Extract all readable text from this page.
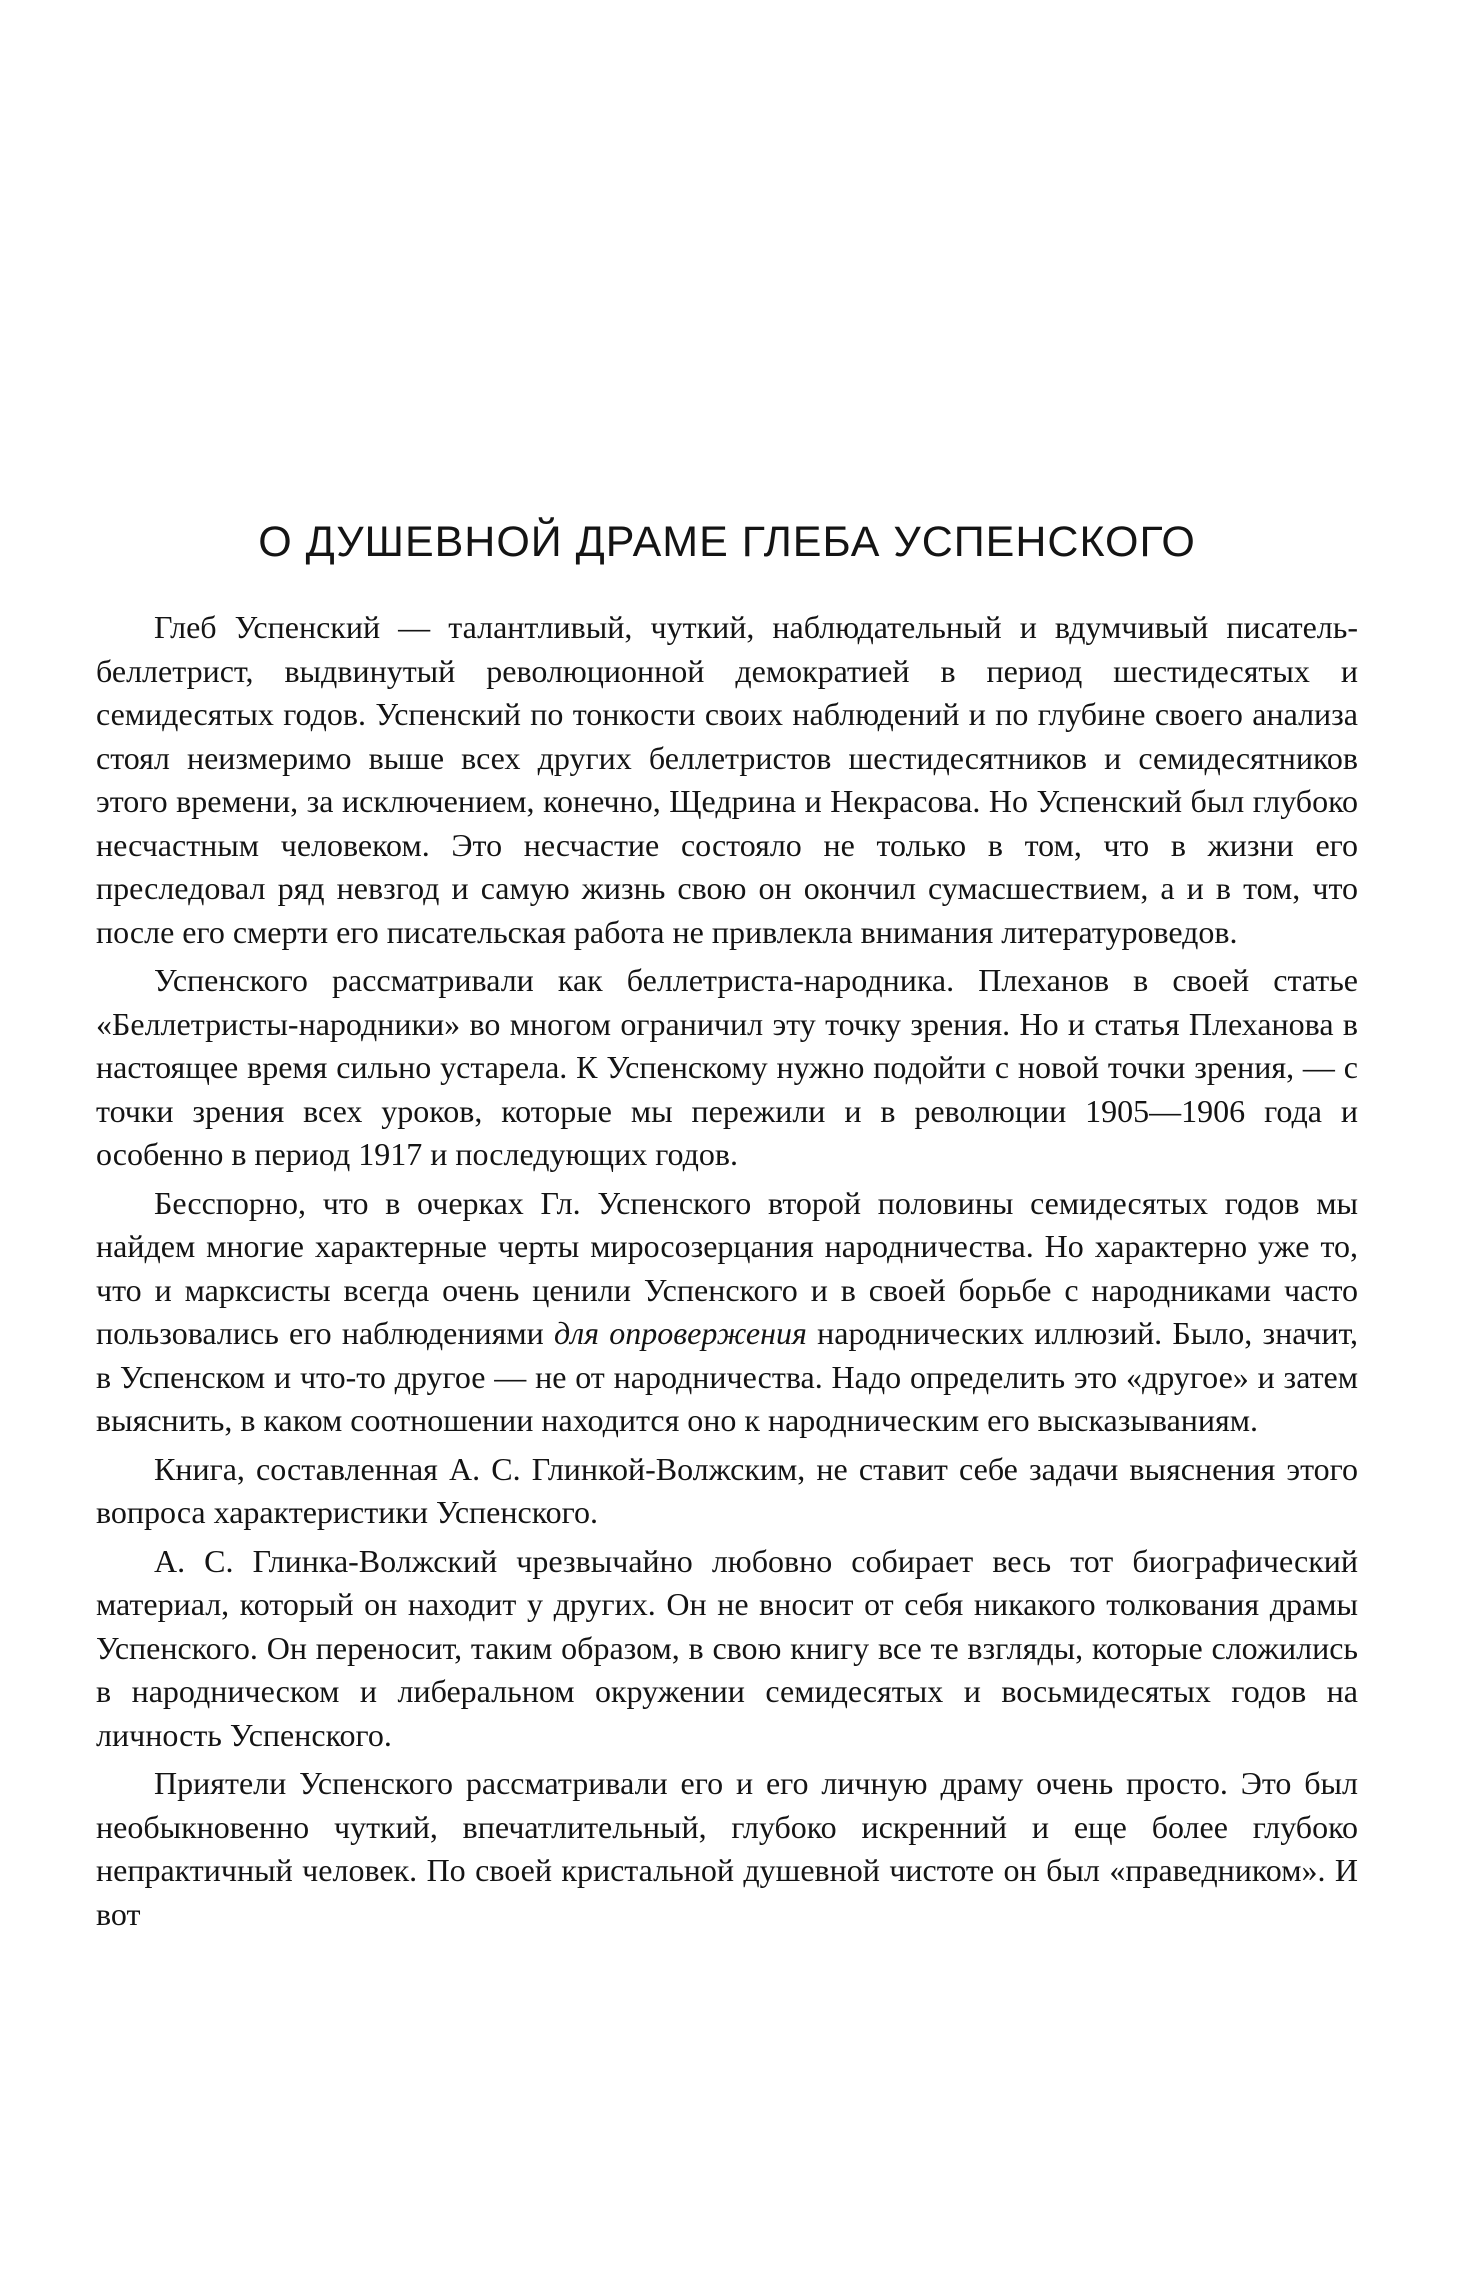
О ДУШЕВНОЙ ДРАМЕ ГЛЕБА УСПЕНСКОГО

Глеб Успенский — талантливый, чуткий, наблюдательный и вдумчивый писатель-беллетрист, выдвинутый революционной демократией в период шестидесятых и семидесятых годов. Успенский по тонкости своих наблюдений и по глубине своего анализа стоял неизмеримо выше всех других беллетристов шестидесятников и семидесятников этого времени, за исключением, конечно, Щедрина и Некрасова. Но Успенский был глубоко несчастным человеком. Это несчастие состояло не только в том, что в жизни его преследовал ряд невзгод и самую жизнь свою он окончил сумасшествием, а и в том, что после его смерти его писательская работа не привлекла внимания литературоведов.

Успенского рассматривали как беллетриста-народника. Плеханов в своей статье «Беллетристы-народники» во многом ограничил эту точку зрения. Но и статья Плеханова в настоящее время сильно устарела. К Успенскому нужно подойти с новой точки зрения, — с точки зрения всех уроков, которые мы пережили и в революции 1905—1906 года и особенно в период 1917 и последующих годов.

Бесспорно, что в очерках Гл. Успенского второй половины семидесятых годов мы найдем многие характерные черты миросозерцания народничества. Но характерно уже то, что и марксисты всегда очень ценили Успенского и в своей борьбе с народниками часто пользовались его наблюдениями для опровержения народнических иллюзий. Было, значит, в Успенском и что-то другое — не от народничества. Надо определить это «другое» и затем выяснить, в каком соотношении находится оно к народническим его высказываниям.

Книга, составленная А. С. Глинкой-Волжским, не ставит себе задачи выяснения этого вопроса характеристики Успенского.

А. С. Глинка-Волжский чрезвычайно любовно собирает весь тот биографический материал, который он находит у других. Он не вносит от себя никакого толкования драмы Успенского. Он переносит, таким образом, в свою книгу все те взгляды, которые сложились в народническом и либеральном окружении семидесятых и восьмидесятых годов на личность Успенского.

Приятели Успенского рассматривали его и его личную драму очень просто. Это был необыкновенно чуткий, впечатлительный, глубоко искренний и еще более глубоко непрактичный человек. По своей кристальной душевной чистоте он был «праведником». И вот
